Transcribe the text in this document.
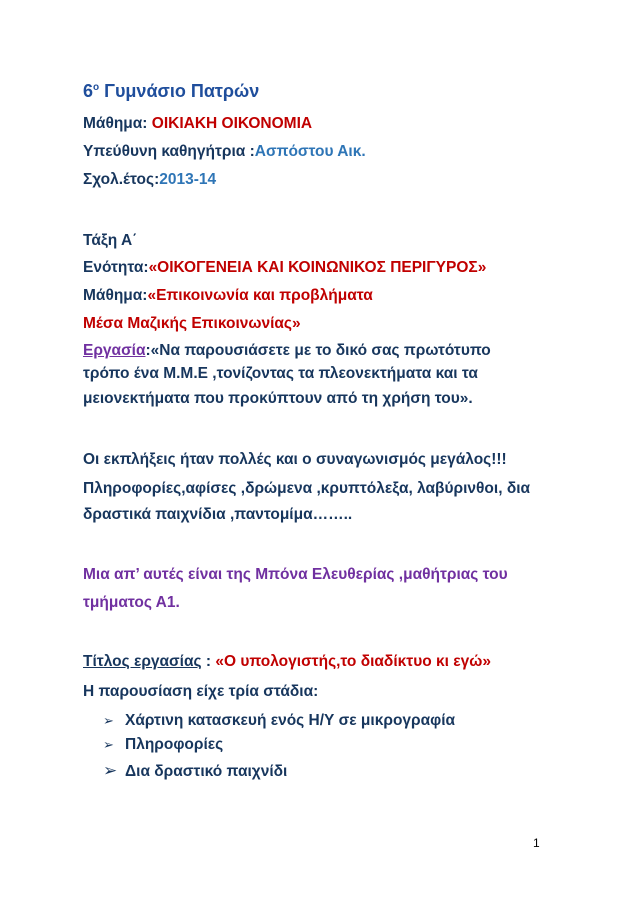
$6^o$ Γυμνάσιο Πατρών

Μάθημα: ΟΙΚΙΑΚΗ ΟΙΚΟΝΟΜΙΑ

Υπεύθυνη καθηγήτρια :Ασπόστου Αικ.

Σχολ.έτος:2013-14

Τάξη Α΄

Ενότητα:«ΟΙΚΟΓΕΝΕΙΑ ΚΑΙ ΚΟΙΝΩΝΙΚΟΣ ΠΕΡΙΓΥΡΟΣ»

Μάθημα:«Επικοινωνία και προβλήματα

Μέσα Μαζικής Επικοινωνίας»

Εργασία:«Να παρουσιάσετε με το δικό σας πρωτότυπο

τρόπο ένα Μ.Μ.Ε ,τονίζοντας τα πλεονεκτήματα και τα

μειονεκτήματα που προκύπτουν από τη χρήση του».

Οι εκπλήξεις ήταν πολλές και ο συναγωνισμός μεγάλος!!!

Πληροφορίες,αφίσες ,δρώμενα ,κρυπτόλεξα, λαβύρινθοι, δια

δραστικά παιχνίδια ,παντομίμα……..

Μια απ’ αυτές είναι της Μπόνα Ελευθερίας ,μαθήτριας του

τμήματος Α1.

Τίτλος εργασίας : «Ο υπολογιστής,το διαδίκτυο κι εγώ»

Η παρουσίαση είχε τρία στάδια:

➢ Χάρτινη κατασκευή ενός Η/Υ σε μικρογραφία

➢ Πληροφορίες

➢ Δια δραστικό παιχνίδι

1
